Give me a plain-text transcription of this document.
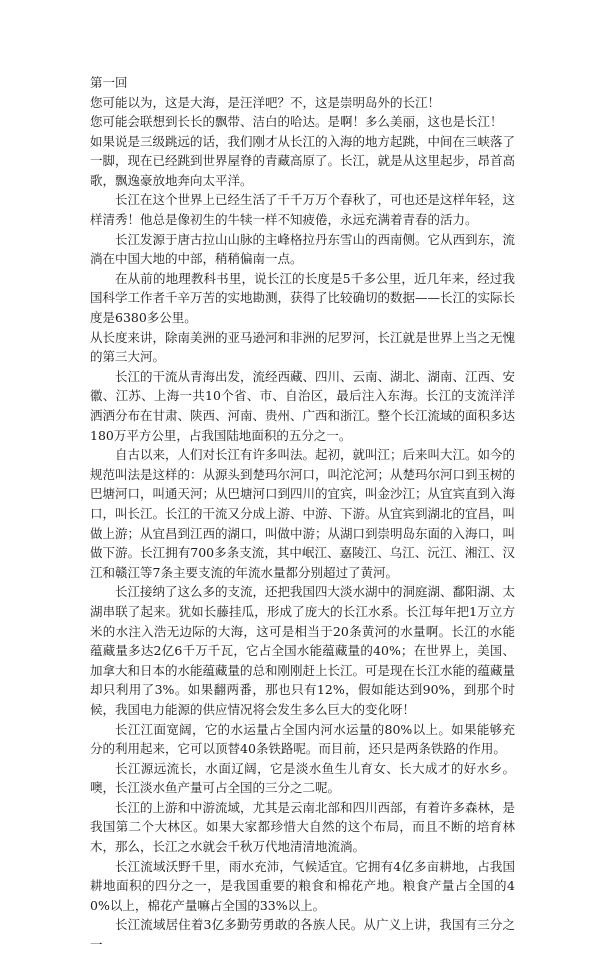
第一回

您可能以为，这是大海，是汪洋吧？不，这是崇明岛外的长江！

您可能会联想到长长的飘带、洁白的哈达。是啊！多么美丽，这也是长江！

如果说是三级跳远的话，我们刚才从长江的入海的地方起跳，中间在三峡落了一脚，现在已经跳到世界屋脊的青藏高原了。长江，就是从这里起步，昂首高歌，飘逸豪放地奔向太平洋。

长江在这个世界上已经生活了千千万万个春秋了，可也还是这样年轻，这样清秀！他总是像初生的牛犊一样不知疲倦，永远充满着青春的活力。

长江发源于唐古拉山山脉的主峰格拉丹东雪山的西南侧。它从西到东，流淌在中国大地的中部，稍稍偏南一点。

在从前的地理教科书里，说长江的长度是5千多公里，近几年来，经过我国科学工作者千辛万苦的实地勘测，获得了比较确切的数据——长江的实际长度是6380多公里。

从长度来讲，除南美洲的亚马逊河和非洲的尼罗河，长江就是世界上当之无愧的第三大河。

长江的干流从青海出发，流经西藏、四川、云南、湖北、湖南、江西、安徽、江苏、上海一共10个省、市、自治区，最后注入东海。长江的支流洋洋洒洒分布在甘肃、陕西、河南、贵州、广西和浙江。整个长江流域的面积多达180万平方公里，占我国陆地面积的五分之一。

自古以来，人们对长江有许多叫法。起初，就叫江；后来叫大江。如今的规范叫法是这样的：从源头到楚玛尔河口，叫沱沱河；从楚玛尔河口到玉树的巴塘河口，叫通天河；从巴塘河口到四川的宜宾，叫金沙江；从宜宾直到入海口，叫长江。长江的干流又分成上游、中游、下游。从宜宾到湖北的宜昌，叫做上游；从宜昌到江西的湖口，叫做中游；从湖口到崇明岛东面的入海口，叫做下游。长江拥有700多条支流，其中岷江、嘉陵江、乌江、沅江、湘江、汉江和赣江等7条主要支流的年流水量都分别超过了黄河。

长江接纳了这么多的支流，还把我国四大淡水湖中的洞庭湖、鄱阳湖、太湖串联了起来。犹如长藤挂瓜，形成了庞大的长江水系。长江每年把1万立方米的水注入浩无边际的大海，这可是相当于20条黄河的水量啊。长江的水能蕴藏量多达2亿6千万千瓦，它占全国水能蕴藏量的40%；在世界上，美国、加拿大和日本的水能蕴藏量的总和刚刚赶上长江。可是现在长江水能的蕴藏量却只利用了3%。如果翻两番，那也只有12%，假如能达到90%，到那个时候，我国电力能源的供应情况将会发生多么巨大的变化呀！

长江江面宽阔，它的水运量占全国内河水运量的80%以上。如果能够充分的利用起来，它可以顶替40条铁路呢。而目前，还只是两条铁路的作用。

长江源远流长，水面辽阔，它是淡水鱼生儿育女、长大成才的好水乡。噢，长江淡水鱼产量可占全国的三分之二呢。

长江的上游和中游流域，尤其是云南北部和四川西部，有着许多森林，是我国第二个大林区。如果大家都珍惜大自然的这个布局，而且不断的培育林木，那么，长江之水就会千秋万代地清清地流淌。

长江流域沃野千里，雨水充沛，气候适宜。它拥有4亿多亩耕地，占我国耕地面积的四分之一，是我国重要的粮食和棉花产地。粮食产量占全国的40%以上，棉花产量嘛占全国的33%以上。

长江流域居住着3亿多勤劳勇敢的各族人民。从广义上讲，我国有三分之一
